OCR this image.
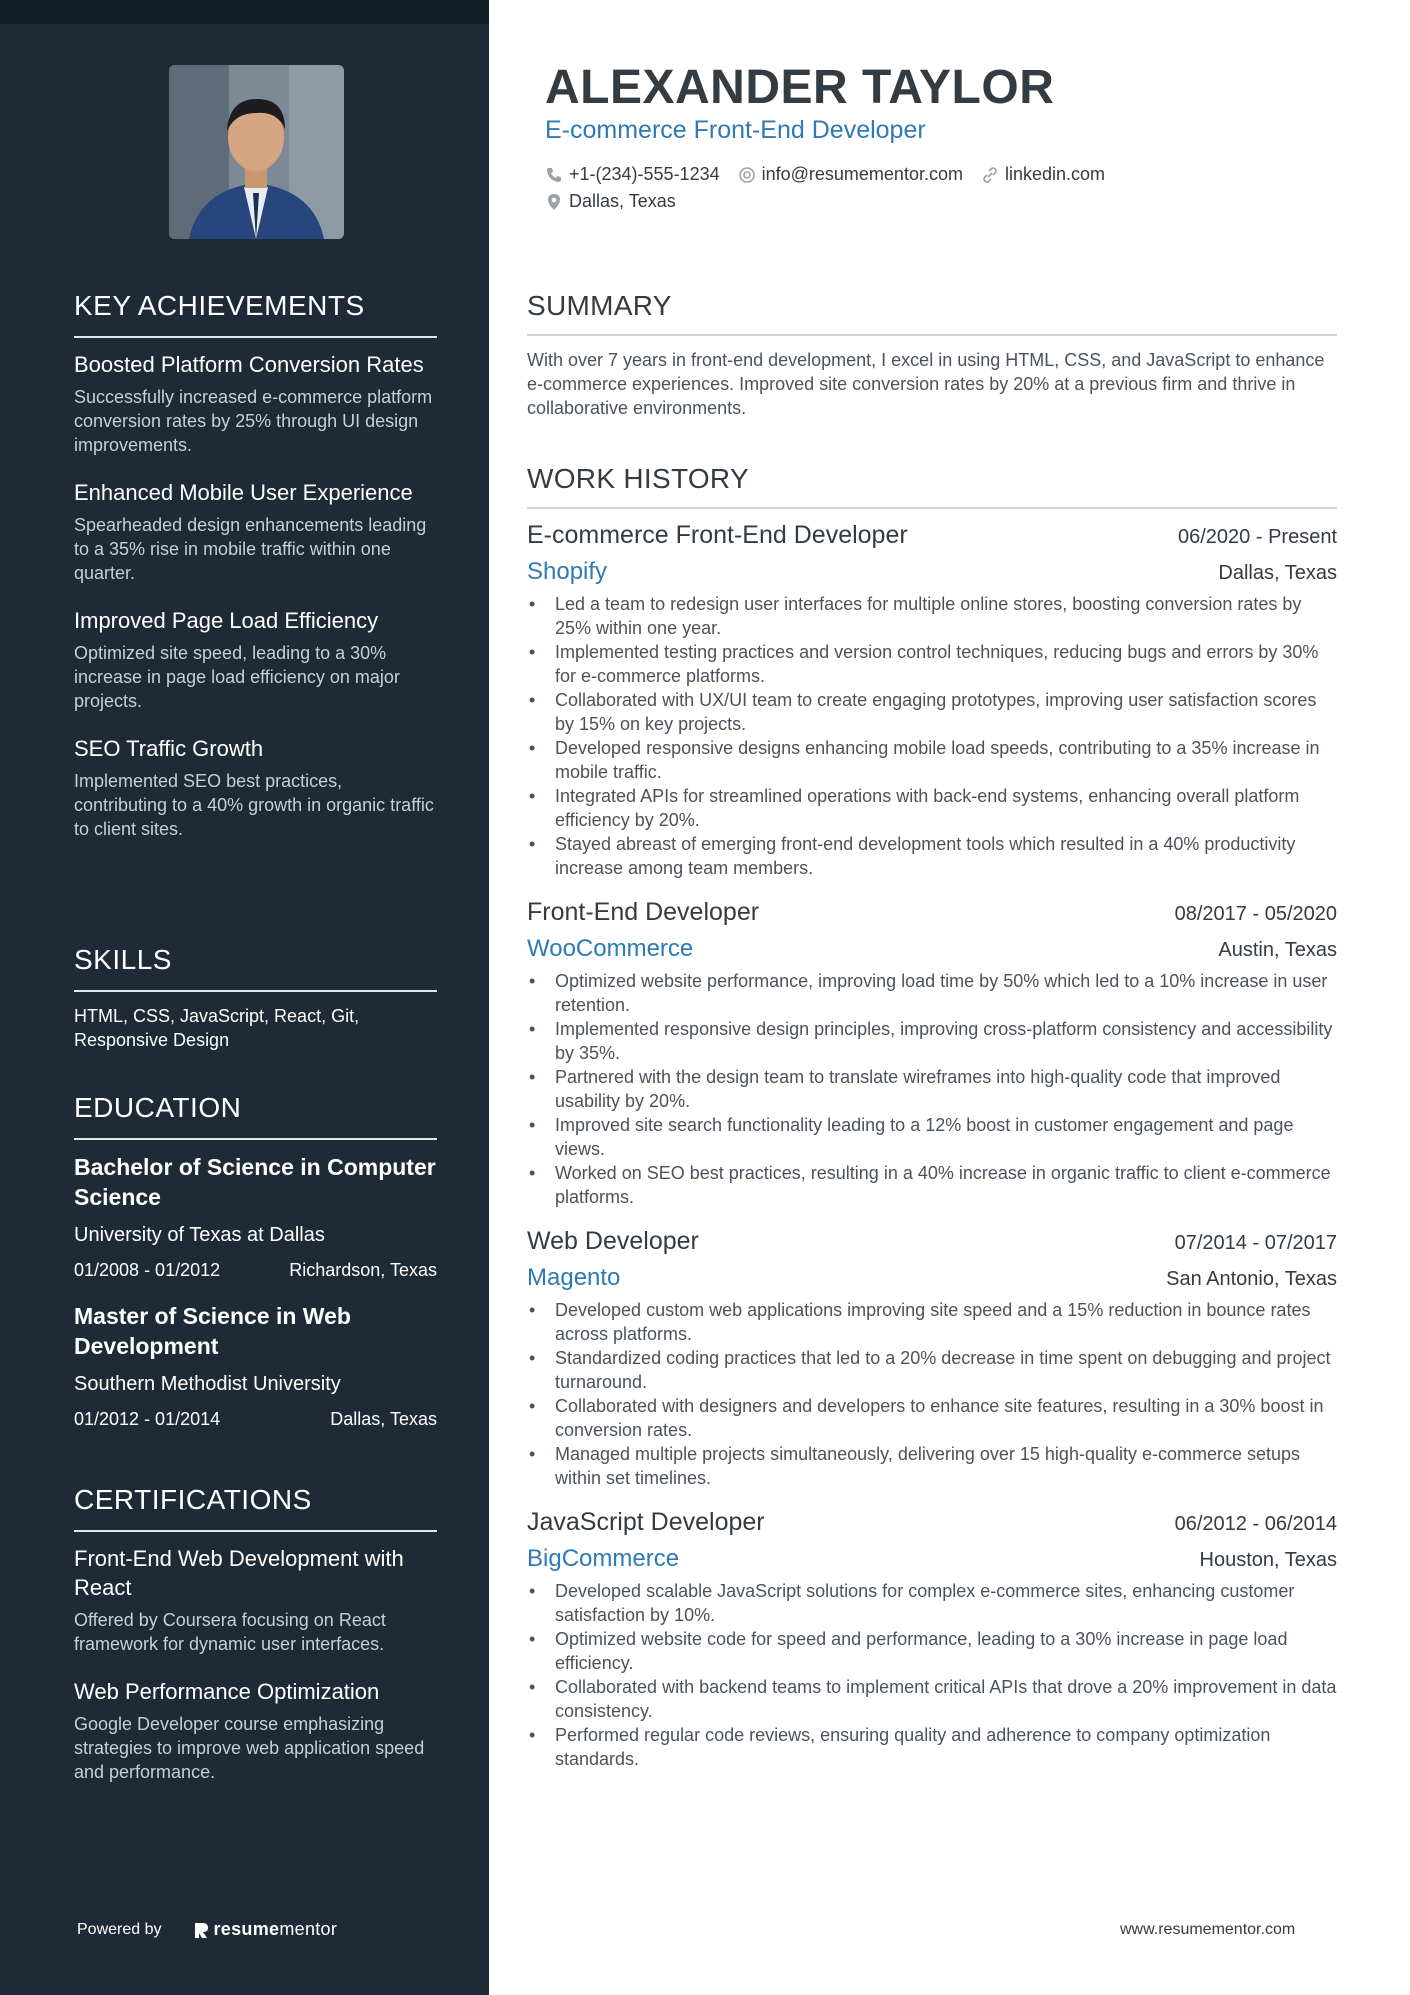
KEY ACHIEVEMENTS
Boosted Platform Conversion Rates
Successfully increased e-commerce platform conversion rates by 25% through UI design improvements.
Enhanced Mobile User Experience
Spearheaded design enhancements leading to a 35% rise in mobile traffic within one quarter.
Improved Page Load Efficiency
Optimized site speed, leading to a 30% increase in page load efficiency on major projects.
SEO Traffic Growth
Implemented SEO best practices, contributing to a 40% growth in organic traffic to client sites.
SKILLS
HTML, CSS, JavaScript, React, Git, Responsive Design
EDUCATION
Bachelor of Science in Computer Science
University of Texas at Dallas
01/2008 - 01/2012	Richardson, Texas
Master of Science in Web Development
Southern Methodist University
01/2012 - 01/2014	Dallas, Texas
CERTIFICATIONS
Front-End Web Development with React
Offered by Coursera focusing on React framework for dynamic user interfaces.
Web Performance Optimization
Google Developer course emphasizing strategies to improve web application speed and performance.
Powered by	resumementor
ALEXANDER TAYLOR
E-commerce Front-End Developer
+1-(234)-555-1234 info@resumementor.com linkedin.com
Dallas, Texas
SUMMARY
With over 7 years in front-end development, I excel in using HTML, CSS, and JavaScript to enhance e-commerce experiences. Improved site conversion rates by 20% at a previous firm and thrive in collaborative environments.
WORK HISTORY
E-commerce Front-End Developer	06/2020 - Present
Shopify	Dallas, Texas
• Led a team to redesign user interfaces for multiple online stores, boosting conversion rates by 25% within one year.
• Implemented testing practices and version control techniques, reducing bugs and errors by 30% for e-commerce platforms.
• Collaborated with UX/UI team to create engaging prototypes, improving user satisfaction scores by 15% on key projects.
• Developed responsive designs enhancing mobile load speeds, contributing to a 35% increase in mobile traffic.
• Integrated APIs for streamlined operations with back-end systems, enhancing overall platform efficiency by 20%.
• Stayed abreast of emerging front-end development tools which resulted in a 40% productivity increase among team members.
Front-End Developer	08/2017 - 05/2020
WooCommerce	Austin, Texas
• Optimized website performance, improving load time by 50% which led to a 10% increase in user retention.
• Implemented responsive design principles, improving cross-platform consistency and accessibility by 35%.
• Partnered with the design team to translate wireframes into high-quality code that improved usability by 20%.
• Improved site search functionality leading to a 12% boost in customer engagement and page views.
• Worked on SEO best practices, resulting in a 40% increase in organic traffic to client e-commerce platforms.
Web Developer	07/2014 - 07/2017
Magento	San Antonio, Texas
• Developed custom web applications improving site speed and a 15% reduction in bounce rates across platforms.
• Standardized coding practices that led to a 20% decrease in time spent on debugging and project turnaround.
• Collaborated with designers and developers to enhance site features, resulting in a 30% boost in conversion rates.
• Managed multiple projects simultaneously, delivering over 15 high-quality e-commerce setups within set timelines.
JavaScript Developer	06/2012 - 06/2014
BigCommerce	Houston, Texas
• Developed scalable JavaScript solutions for complex e-commerce sites, enhancing customer satisfaction by 10%.
• Optimized website code for speed and performance, leading to a 30% increase in page load efficiency.
• Collaborated with backend teams to implement critical APIs that drove a 20% improvement in data consistency.
• Performed regular code reviews, ensuring quality and adherence to company optimization standards.
www.resumementor.com
